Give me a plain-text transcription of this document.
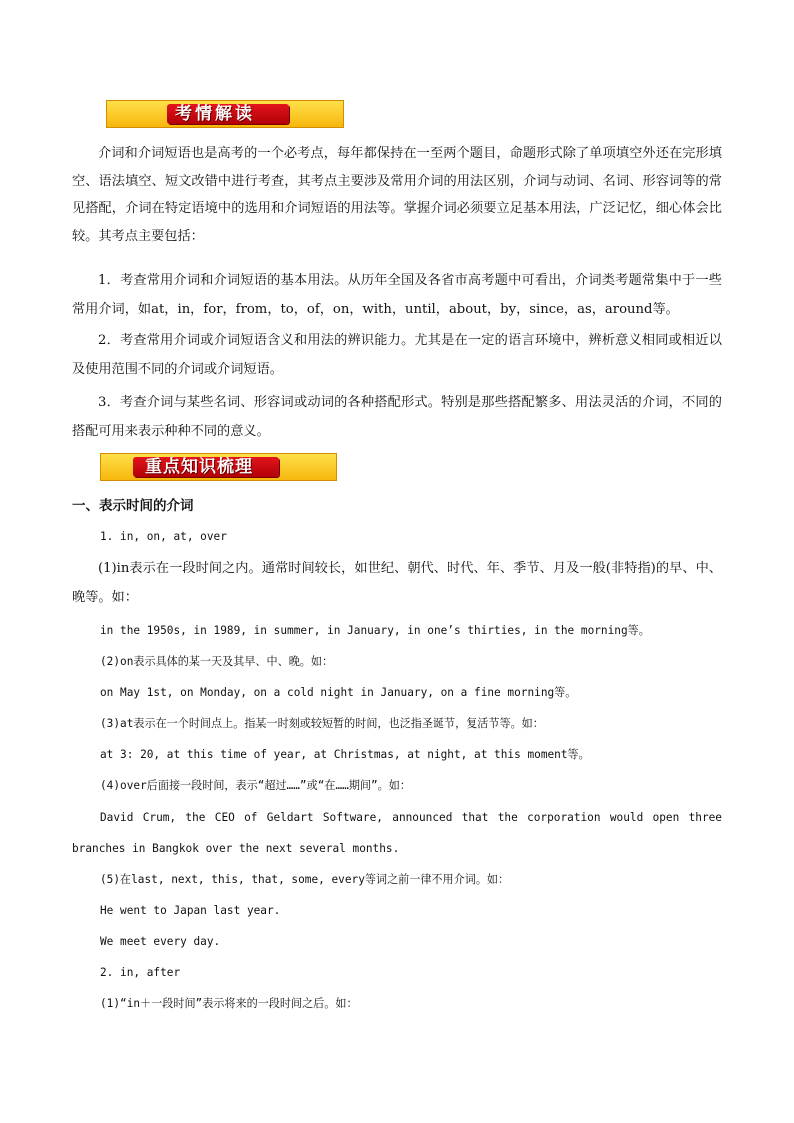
考情解读

介词和介词短语也是高考的一个必考点，每年都保持在一至两个题目，命题形式除了单项填空外还在完形填空、语法填空、短文改错中进行考查，其考点主要涉及常用介词的用法区别，介词与动词、名词、形容词等的常见搭配，介词在特定语境中的选用和介词短语的用法等。掌握介词必须要立足基本用法，广泛记忆，细心体会比较。其考点主要包括：

1．考查常用介词和介词短语的基本用法。从历年全国及各省市高考题中可看出，介词类考题常集中于一些常用介词，如at，in，for，from，to，of，on，with，until，about，by，since，as，around等。

2．考查常用介词或介词短语含义和用法的辨识能力。尤其是在一定的语言环境中，辨析意义相同或相近以及使用范围不同的介词或介词短语。

3．考查介词与某些名词、形容词或动词的各种搭配形式。特别是那些搭配繁多、用法灵活的介词，不同的搭配可用来表示种种不同的意义。

重点知识梳理

一、表示时间的介词

1. in, on, at, over

(1)in表示在一段时间之内。通常时间较长，如世纪、朝代、时代、年、季节、月及一般(非特指)的早、中、晚等。如：

in the 1950s, in 1989, in summer, in January, in one’s thirties, in the morning等。

(2)on表示具体的某一天及其早、中、晚。如：

on May 1st, on Monday, on a cold night in January, on a fine morning等。

(3)at表示在一个时间点上。指某一时刻或较短暂的时间，也泛指圣诞节，复活节等。如：

at 3: 20, at this time of year, at Christmas, at night, at this moment等。

(4)over后面接一段时间，表示“超过……”或“在……期间”。如：

David Crum, the CEO of Geldart Software, announced that the corporation would open three branches in Bangkok over the next several months.

(5)在last, next, this, that, some, every等词之前一律不用介词。如：

He went to Japan last year.

We meet every day.

2. in, after

(1)“in＋一段时间”表示将来的一段时间之后。如：
